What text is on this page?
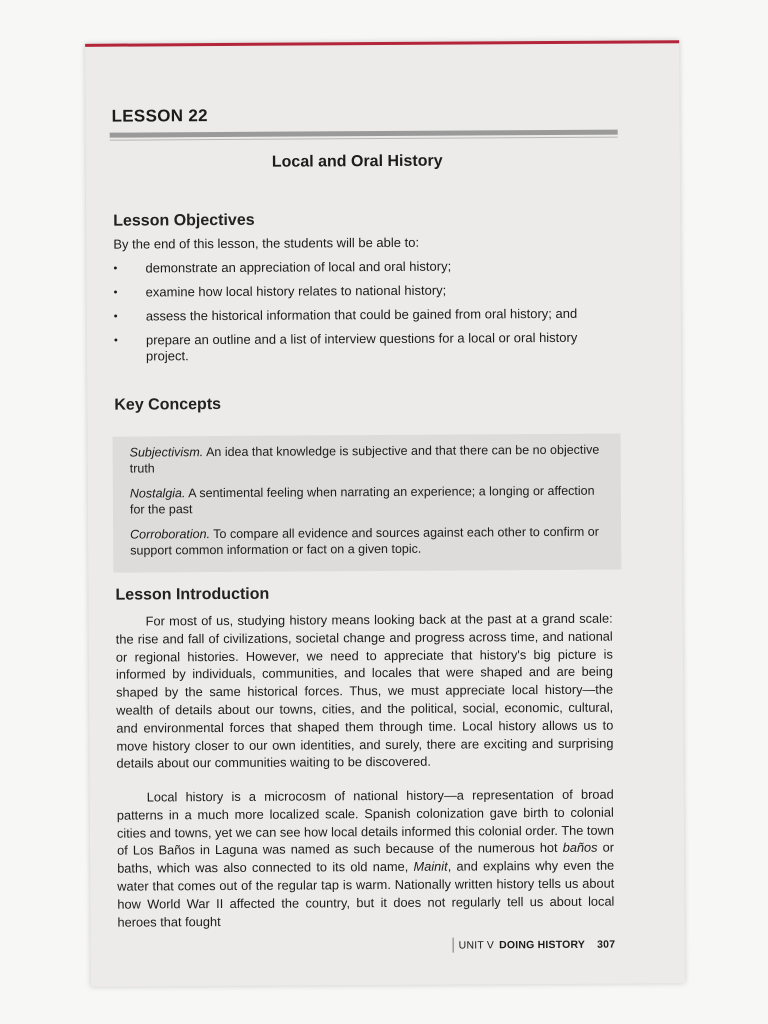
LESSON 22
Local and Oral History
Lesson Objectives
By the end of this lesson, the students will be able to:
• demonstrate an appreciation of local and oral history;
• examine how local history relates to national history;
• assess the historical information that could be gained from oral history; and
• prepare an outline and a list of interview questions for a local or oral history project.
Key Concepts
Subjectivism. An idea that knowledge is subjective and that there can be no objective truth
Nostalgia. A sentimental feeling when narrating an experience; a longing or affection for the past
Corroboration. To compare all evidence and sources against each other to confirm or support common information or fact on a given topic.
Lesson Introduction

For most of us, studying history means looking back at the past at a grand scale: the rise and fall of civilizations, societal change and progress across time, and national or regional histories. However, we need to appreciate that history's big picture is informed by individuals, communities, and locales that were shaped and are being shaped by the same historical forces. Thus, we must appreciate local history—the wealth of details about our towns, cities, and the political, social, economic, cultural, and environmental forces that shaped them through time. Local history allows us to move history closer to our own identities, and surely, there are exciting and surprising details about our communities waiting to be discovered.

Local history is a microcosm of national history—a representation of broad patterns in a much more localized scale. Spanish colonization gave birth to colonial cities and towns, yet we can see how local details informed this colonial order. The town of Los Baños in Laguna was named as such because of the numerous hot baños or baths, which was also connected to its old name, Mainit, and explains why even the water that comes out of the regular tap is warm. Nationally written history tells us about how World War II affected the country, but it does not regularly tell us about local heroes that fought

UNIT V DOING HISTORY 307
